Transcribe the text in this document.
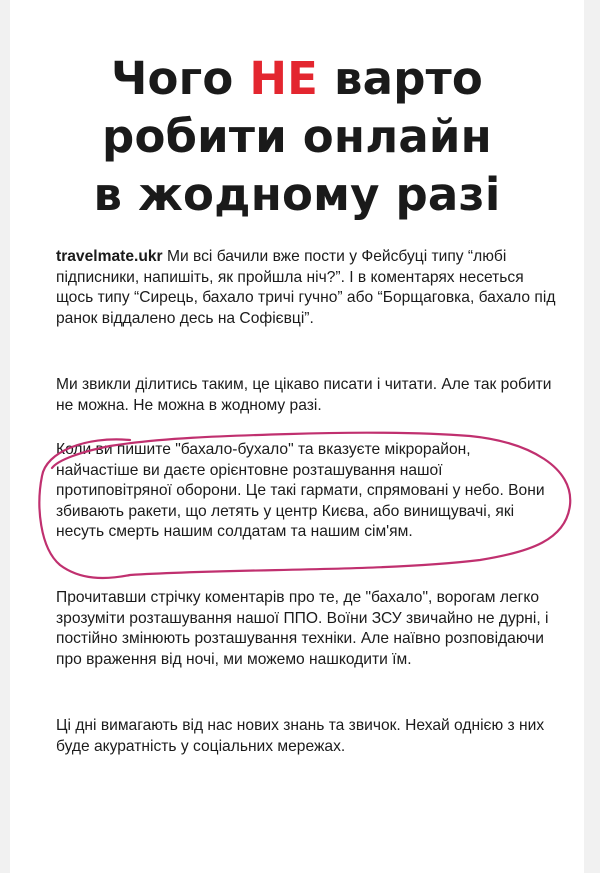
Чого НЕ варто
робити онлайн
в жодному разі

travelmate.ukr Ми всі бачили вже пости у Фейсбуці типу “любі підписники, напишіть, як пройшла ніч?”. І в коментарях несеться щось типу “Сирець, бахало тричі гучно” або “Борщаговка, бахало під ранок віддалено десь на Софієвці”.

Ми звикли ділитись таким, це цікаво писати і читати. Але так робити не можна. Не можна в жодному разі.

Коли ви пишите "бахало-бухало" та вказуєте мікрорайон, найчастіше ви даєте орієнтовне розташування нашої протиповітряної оборони. Це такі гармати, спрямовані у небо. Вони збивають ракети, що летять у центр Києва, або винищувачі, які несуть смерть нашим солдатам та нашим сім'ям.

Прочитавши стрічку коментарів про те, де "бахало", ворогам легко зрозуміти розташування нашої ППО. Воїни ЗСУ звичайно не дурні, і постійно змінюють розташування техніки. Але наївно розповідаючи про враження від ночі, ми можемо нашкодити їм.

Ці дні вимагають від нас нових знань та звичок. Нехай однією з них буде акуратність у соціальних мережах.
